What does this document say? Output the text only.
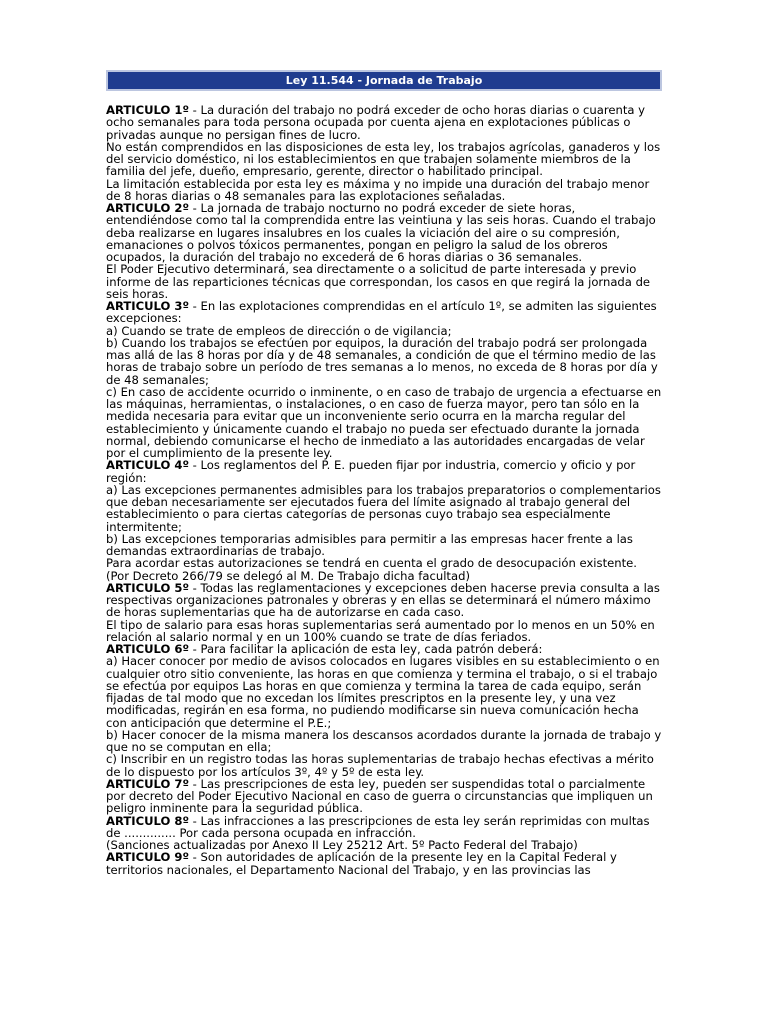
Ley 11.544 - Jornada de Trabajo

ARTICULO 1º - La duración del trabajo no podrá exceder de ocho horas diarias o cuarenta y ocho semanales para toda persona ocupada por cuenta ajena en explotaciones públicas o privadas aunque no persigan fines de lucro.

No están comprendidos en las disposiciones de esta ley, los trabajos agrícolas, ganaderos y los del servicio doméstico, ni los establecimientos en que trabajen solamente miembros de la familia del jefe, dueño, empresario, gerente, director o habilitado principal.

La limitación establecida por esta ley es máxima y no impide una duración del trabajo menor de 8 horas diarias o 48 semanales para las explotaciones señaladas.

ARTICULO 2º - La jornada de trabajo nocturno no podrá exceder de siete horas, entendiéndose como tal la comprendida entre las veintiuna y las seis horas. Cuando el trabajo deba realizarse en lugares insalubres en los cuales la viciación del aire o su compresión, emanaciones o polvos tóxicos permanentes, pongan en peligro la salud de los obreros ocupados, la duración del trabajo no excederá de 6 horas diarias o 36 semanales.

El Poder Ejecutivo determinará, sea directamente o a solicitud de parte interesada y previo informe de las reparticiones técnicas que correspondan, los casos en que regirá la jornada de seis horas.

ARTICULO 3º - En las explotaciones comprendidas en el artículo 1º, se admiten las siguientes excepciones:

a) Cuando se trate de empleos de dirección o de vigilancia;

b) Cuando los trabajos se efectúen por equipos, la duración del trabajo podrá ser prolongada mas allá de las 8 horas por día y de 48 semanales, a condición de que el término medio de las horas de trabajo sobre un período de tres semanas a lo menos, no exceda de 8 horas por día y de 48 semanales;

c) En caso de accidente ocurrido o inminente, o en caso de trabajo de urgencia a efectuarse en las máquinas, herramientas, o instalaciones, o en caso de fuerza mayor, pero tan sólo en la medida necesaria para evitar que un inconveniente serio ocurra en la marcha regular del establecimiento y únicamente cuando el trabajo no pueda ser efectuado durante la jornada normal, debiendo comunicarse el hecho de inmediato a las autoridades encargadas de velar por el cumplimiento de la presente ley.

ARTICULO 4º - Los reglamentos del P. E. pueden fijar por industria, comercio y oficio y por región:

a) Las excepciones permanentes admisibles para los trabajos preparatorios o complementarios que deban necesariamente ser ejecutados fuera del límite asignado al trabajo general del establecimiento o para ciertas categorías de personas cuyo trabajo sea especialmente intermitente;

b) Las excepciones temporarias admisibles para permitir a las empresas hacer frente a las demandas extraordinarias de trabajo.

Para acordar estas autorizaciones se tendrá en cuenta el grado de desocupación existente.

(Por Decreto 266/79 se delegó al M. De Trabajo dicha facultad)

ARTICULO 5º - Todas las reglamentaciones y excepciones deben hacerse previa consulta a las respectivas organizaciones patronales y obreras y en ellas se determinará el número máximo de horas suplementarias que ha de autorizarse en cada caso.

El tipo de salario para esas horas suplementarias será aumentado por lo menos en un 50% en relación al salario normal y en un 100% cuando se trate de días feriados.

ARTICULO 6º - Para facilitar la aplicación de esta ley, cada patrón deberá:

a) Hacer conocer por medio de avisos colocados en lugares visibles en su establecimiento o en cualquier otro sitio conveniente, las horas en que comienza y termina el trabajo, o si el trabajo se efectúa por equipos Las horas en que comienza y termina la tarea de cada equipo, serán fijadas de tal modo que no excedan los límites prescriptos en la presente ley, y una vez modificadas, regirán en esa forma, no pudiendo modificarse sin nueva comunicación hecha con anticipación que determine el P.E.;

b) Hacer conocer de la misma manera los descansos acordados durante la jornada de trabajo y que no se computan en ella;

c) Inscribir en un registro todas las horas suplementarias de trabajo hechas efectivas a mérito de lo dispuesto por los artículos 3º, 4º y 5º de esta ley.

ARTICULO 7º - Las prescripciones de esta ley, pueden ser suspendidas total o parcialmente por decreto del Poder Ejecutivo Nacional en caso de guerra o circunstancias que impliquen un peligro inminente para la seguridad pública.

ARTICULO 8º - Las infracciones a las prescripciones de esta ley serán reprimidas con multas de .............. Por cada persona ocupada en infracción.

(Sanciones actualizadas por Anexo II Ley 25212 Art. 5º Pacto Federal del Trabajo)

ARTICULO 9º - Son autoridades de aplicación de la presente ley en la Capital Federal y territorios nacionales, el Departamento Nacional del Trabajo, y en las provincias las
